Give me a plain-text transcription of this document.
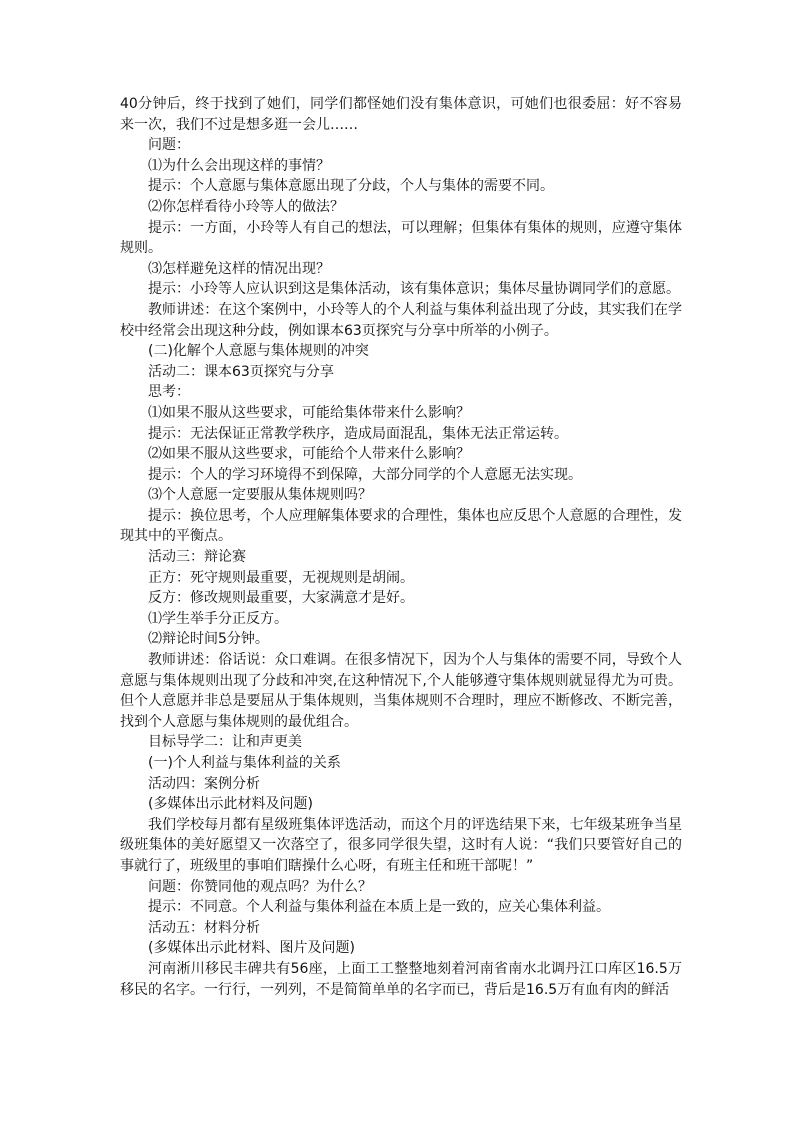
40分钟后，终于找到了她们，同学们都怪她们没有集体意识，可她们也很委屈：好不容易来一次，我们不过是想多逛一会儿……

问题：

⑴为什么会出现这样的事情？

提示：个人意愿与集体意愿出现了分歧，个人与集体的需要不同。

⑵你怎样看待小玲等人的做法？

提示：一方面，小玲等人有自己的想法，可以理解；但集体有集体的规则，应遵守集体规则。

⑶怎样避免这样的情况出现？

提示：小玲等人应认识到这是集体活动，该有集体意识；集体尽量协调同学们的意愿。

教师讲述：在这个案例中，小玲等人的个人利益与集体利益出现了分歧，其实我们在学校中经常会出现这种分歧，例如课本63页探究与分享中所举的小例子。

(二)化解个人意愿与集体规则的冲突

活动二：课本63页探究与分享

思考：

⑴如果不服从这些要求，可能给集体带来什么影响？

提示：无法保证正常教学秩序，造成局面混乱，集体无法正常运转。

⑵如果不服从这些要求，可能给个人带来什么影响？

提示：个人的学习环境得不到保障，大部分同学的个人意愿无法实现。

⑶个人意愿一定要服从集体规则吗？

提示：换位思考，个人应理解集体要求的合理性，集体也应反思个人意愿的合理性，发现其中的平衡点。

活动三：辩论赛

正方：死守规则最重要，无视规则是胡闹。

反方：修改规则最重要，大家满意才是好。

⑴学生举手分正反方。

⑵辩论时间5分钟。

教师讲述：俗话说：众口难调。在很多情况下，因为个人与集体的需要不同，导致个人意愿与集体规则出现了分歧和冲突,在这种情况下,个人能够遵守集体规则就显得尤为可贵。但个人意愿并非总是要屈从于集体规则，当集体规则不合理时，理应不断修改、不断完善，找到个人意愿与集体规则的最优组合。

目标导学二：让和声更美

(一)个人利益与集体利益的关系

活动四：案例分析

(多媒体出示此材料及问题)

我们学校每月都有星级班集体评选活动，而这个月的评选结果下来，七年级某班争当星级班集体的美好愿望又一次落空了，很多同学很失望，这时有人说：“我们只要管好自己的事就行了，班级里的事咱们瞎操什么心呀，有班主任和班干部呢！”

问题：你赞同他的观点吗？为什么？

提示：不同意。个人利益与集体利益在本质上是一致的，应关心集体利益。

活动五：材料分析

(多媒体出示此材料、图片及问题)

河南淅川移民丰碑共有56座，上面工工整整地刻着河南省南水北调丹江口库区16.5万移民的名字。一行行，一列列，不是简简单单的名字而已，背后是16.5万有血有肉的鲜活
